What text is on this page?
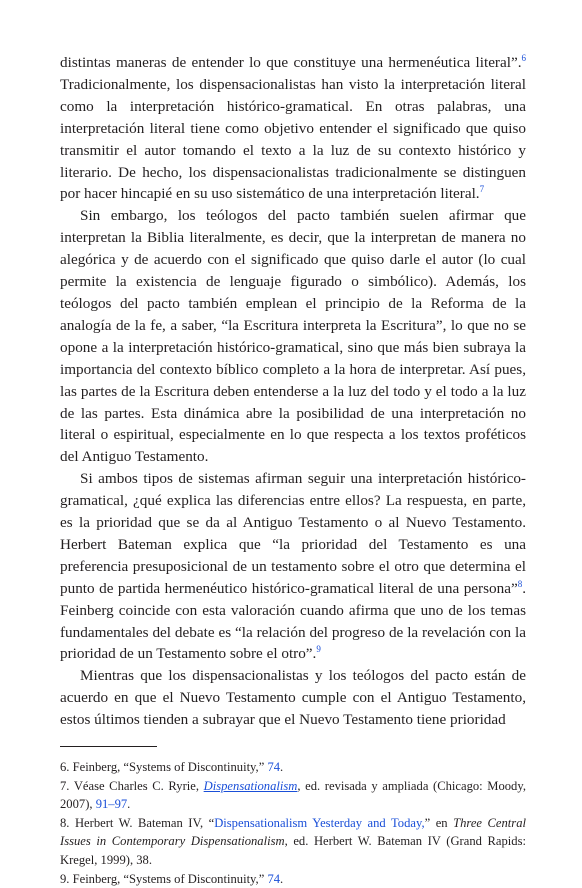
distintas maneras de entender lo que constituye una hermenéutica literal”.$^6$ Tradicionalmente, los dispensacionalistas han visto la interpretación literal como la interpretación histórico-gramatical. En otras palabras, una interpretación literal tiene como objetivo entender el significado que quiso transmitir el autor tomando el texto a la luz de su contexto histórico y literario. De hecho, los dispensacionalistas tradicionalmente se distinguen por hacer hincapié en su uso sistemático de una interpretación literal.$^7$

Sin embargo, los teólogos del pacto también suelen afirmar que interpretan la Biblia literalmente, es decir, que la interpretan de manera no alegórica y de acuerdo con el significado que quiso darle el autor (lo cual permite la existencia de lenguaje figurado o simbólico). Además, los teólogos del pacto también emplean el principio de la Reforma de la analogía de la fe, a saber, “la Escritura interpreta la Escritura”, lo que no se opone a la interpretación histórico-gramatical, sino que más bien subraya la importancia del contexto bíblico completo a la hora de interpretar. Así pues, las partes de la Escritura deben entenderse a la luz del todo y el todo a la luz de las partes. Esta dinámica abre la posibilidad de una interpretación no literal o espiritual, especialmente en lo que respecta a los textos proféticos del Antiguo Testamento.

Si ambos tipos de sistemas afirman seguir una interpretación histórico-gramatical, ¿qué explica las diferencias entre ellos? La respuesta, en parte, es la prioridad que se da al Antiguo Testamento o al Nuevo Testamento. Herbert Bateman explica que “la prioridad del Testamento es una preferencia presuposicional de un testamento sobre el otro que determina el punto de partida hermenéutico histórico-gramatical literal de una persona”$^8$. Feinberg coincide con esta valoración cuando afirma que uno de los temas fundamentales del debate es “la relación del progreso de la revelación con la prioridad de un Testamento sobre el otro”.$^9$

Mientras que los dispensacionalistas y los teólogos del pacto están de acuerdo en que el Nuevo Testamento cumple con el Antiguo Testamento, estos últimos tienden a subrayar que el Nuevo Testamento tiene prioridad

6. Feinberg, “Systems of Discontinuity,” 74.

7. Véase Charles C. Ryrie, Dispensationalism, ed. revisada y ampliada (Chicago: Moody, 2007), 91–97.

8. Herbert W. Bateman IV, “Dispensationalism Yesterday and Today,” en Three Central Issues in Contemporary Dispensationalism, ed. Herbert W. Bateman IV (Grand Rapids: Kregel, 1999), 38.

9. Feinberg, “Systems of Discontinuity,” 74.
